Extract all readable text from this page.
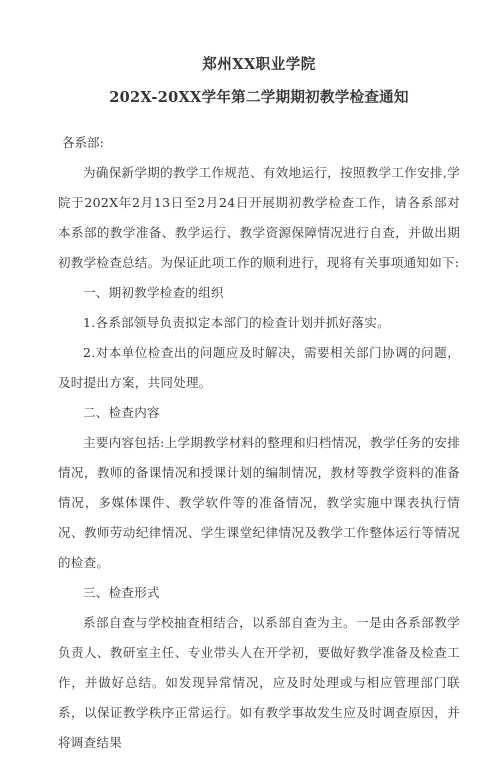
郑州XX职业学院
202X-20XX学年第二学期期初教学检查通知

各系部:

为确保新学期的教学工作规范、有效地运行，按照教学工作安排,学院于202X年2月13日至2月24日开展期初教学检查工作，请各系部对本系部的教学准备、教学运行、教学资源保障情况进行自查，并做出期初教学检查总结。为保证此项工作的顺利进行，现将有关事项通知如下:

一、期初教学检查的组织

1.各系部领导负责拟定本部门的检查计划并抓好落实。

2.对本单位检查出的问题应及时解决，需要相关部门协调的问题，及时提出方案，共同处理。

二、检查内容

主要内容包括:上学期教学材料的整理和归档情况，教学任务的安排情况，教师的备课情况和授课计划的编制情况，教材等教学资料的准备情况，多媒体课件、教学软件等的准备情况，教学实施中课表执行情况、教师劳动纪律情况、学生课堂纪律情况及教学工作整体运行等情况的检查。

三、检查形式

系部自查与学校抽查相结合，以系部自查为主。一是由各系部教学负责人、教研室主任、专业带头人在开学初，要做好教学准备及检查工作，并做好总结。如发现异常情况，应及时处理或与相应管理部门联系，以保证教学秩序正常运行。如有教学事故发生应及时调查原因，并将调查结果
